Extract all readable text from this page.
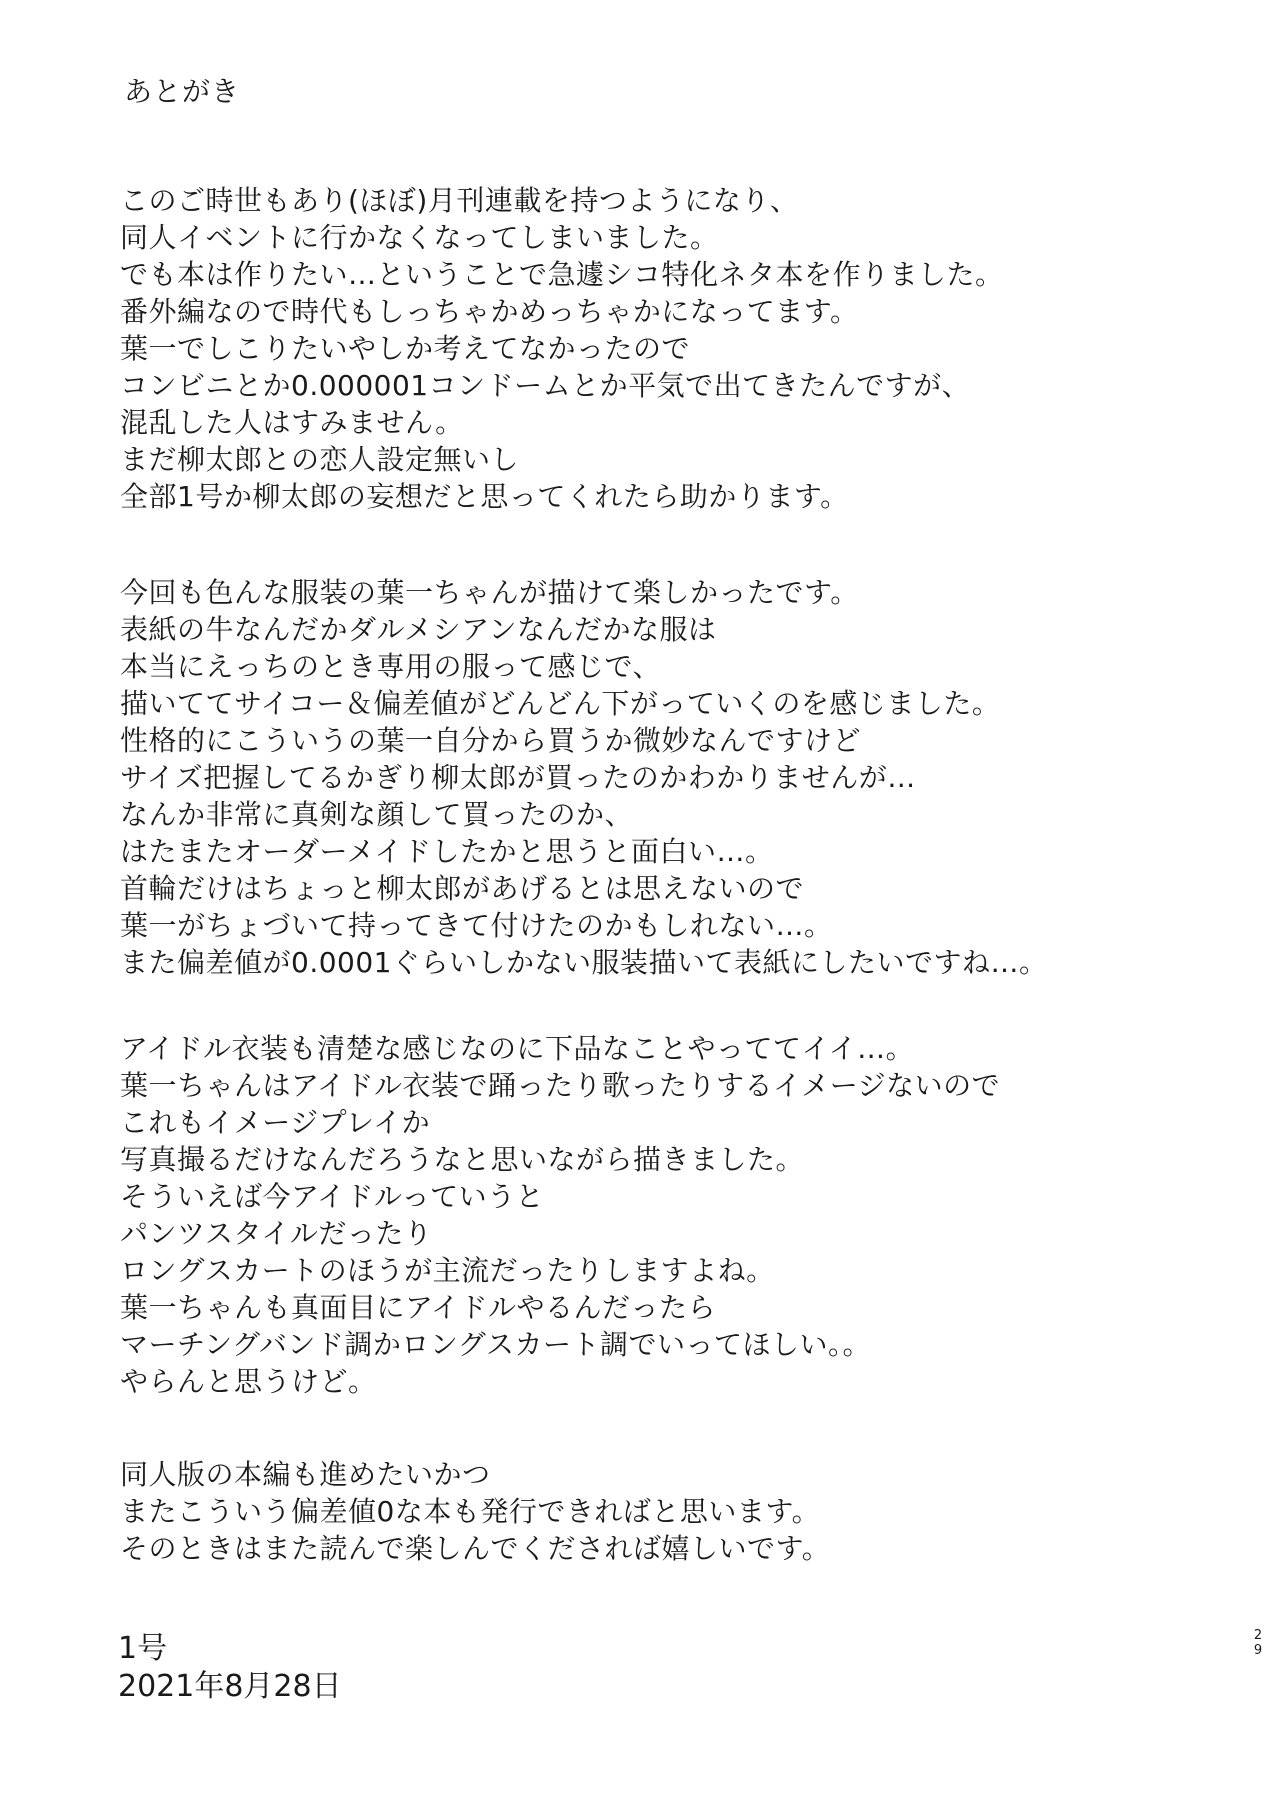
あとがき
このご時世もあり(ほぼ)月刊連載を持つようになり、
同人イベントに行かなくなってしまいました。
でも本は作りたい…ということで急遽シコ特化ネタ本を作りました。
番外編なので時代もしっちゃかめっちゃかになってます。
葉一でしこりたいやしか考えてなかったので
コンビニとか0.000001コンドームとか平気で出てきたんですが、
混乱した人はすみません。
まだ柳太郎との恋人設定無いし
全部1号か柳太郎の妄想だと思ってくれたら助かります。
今回も色んな服装の葉一ちゃんが描けて楽しかったです。
表紙の牛なんだかダルメシアンなんだかな服は
本当にえっちのとき専用の服って感じで、
描いててサイコー＆偏差値がどんどん下がっていくのを感じました。
性格的にこういうの葉一自分から買うか微妙なんですけど
サイズ把握してるかぎり柳太郎が買ったのかわかりませんが…
なんか非常に真剣な顔して買ったのか、
はたまたオーダーメイドしたかと思うと面白い…。
首輪だけはちょっと柳太郎があげるとは思えないので
葉一がちょづいて持ってきて付けたのかもしれない…。
また偏差値が0.0001ぐらいしかない服装描いて表紙にしたいですね…。
アイドル衣装も清楚な感じなのに下品なことやっててイイ…。
葉一ちゃんはアイドル衣装で踊ったり歌ったりするイメージないので
これもイメージプレイか
写真撮るだけなんだろうなと思いながら描きました。
そういえば今アイドルっていうと
パンツスタイルだったり
ロングスカートのほうが主流だったりしますよね。
葉一ちゃんも真面目にアイドルやるんだったら
マーチングバンド調かロングスカート調でいってほしい。。
やらんと思うけど。
同人版の本編も進めたいかつ
またこういう偏差値0な本も発行できればと思います。
そのときはまた読んで楽しんでくだされば嬉しいです。
1号
2021年8月28日
29
